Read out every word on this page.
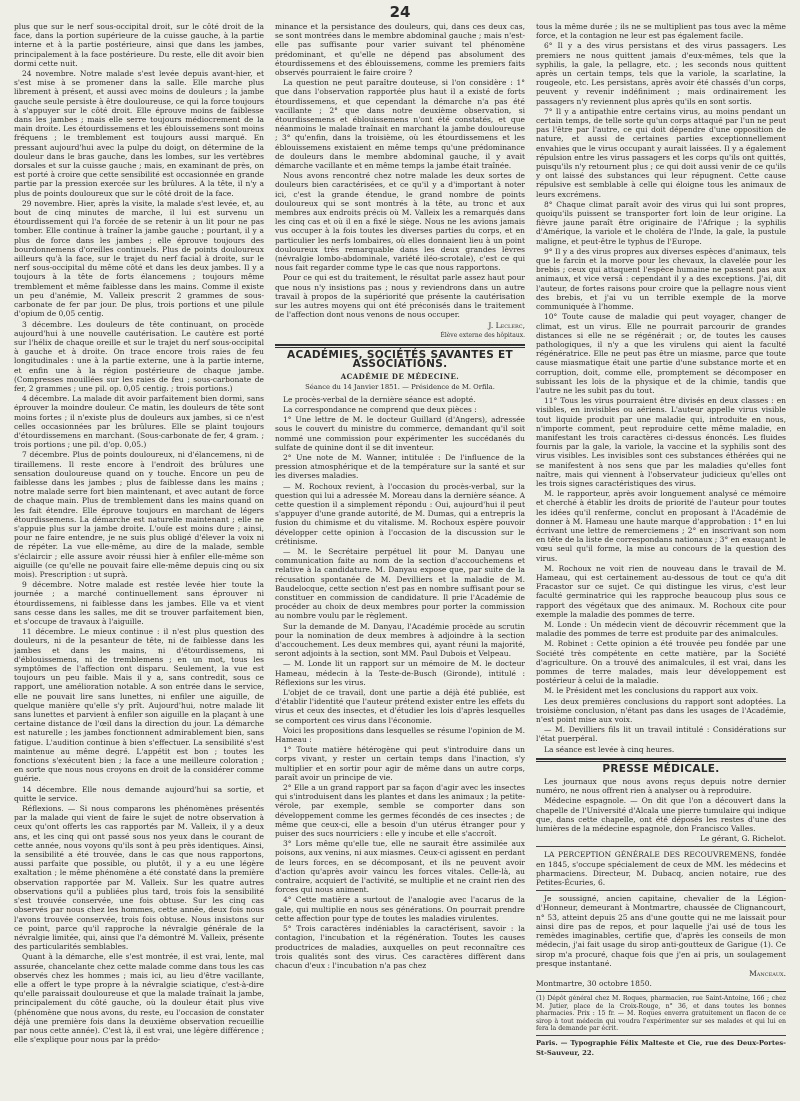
24

plus que sur le nerf sous-occipital droit, sur le côté droit de la face, dans la portion supérieure de la cuisse gauche, à la partie interne et à la partie postérieure, ainsi que dans les jambes, principalement à la face postérieure. Du reste, elle dit avoir bien dormi cette nuit.

24 novembre. Notre malade s'est levée depuis avant-hier, et s'est mise à se promener dans la salle. Elle marche plus librement à présent, et aussi avec moins de douleurs ; la jambe gauche seule persiste à être douloureuse, ce qui la force toujours à s'appuyer sur le côté droit. Elle éprouve moins de faiblesse dans les jambes ; mais elle serre toujours médiocrement de la main droite. Les étourdissemens et les éblouissemens sont moins fréquens ; le tremblement est toujours aussi marqué. En pressant aujourd'hui avec la pulpe du doigt, on détermine de la douleur dans le bras gauche, dans les lombes, sur les vertèbres dorsales et sur la cuisse gauche ; mais, en examinant de près, on est porté à croire que cette sensibilité est occasionnée en grande partie par la pression exercée sur les brûlures. A la tête, il n'y a plus de points douloureux que sur le côté droit de la face.

29 novembre. Hier, après la visite, la malade s'est levée, et, au bout de cinq minutes de marche, il lui est survenu un étourdissement qui l'a forcée de se retenir à un lit pour ne pas tomber. Elle continue à traîner la jambe gauche ; pourtant, il y a plus de force dans les jambes ; elle éprouve toujours des bourdonnemens d'oreilles continuels. Plus de points douloureux ailleurs qu'à la face, sur le trajet du nerf facial à droite, sur le nerf sous-occipital du même côté et dans les deux jambes. Il y a toujours à la tête de forts élancemens ; toujours même tremblement et même faiblesse dans les mains. Comme il existe un peu d'anémie, M. Valleix prescrit 2 grammes de sous-carbonate de fer par jour. De plus, trois portions et une pilule d'opium de 0,05 centig.

3 décembre. Les douleurs de tête continuant, on procède aujourd'hui à une nouvelle cautérisation. Le cautère est porté sur l'hélix de chaque oreille et sur le trajet du nerf sous-occipital à gauche et à droite. On trace encore trois raies de feu longitudinales : une à la partie externe, une à la partie interne, et enfin une à la région postérieure de chaque jambe. (Compresses mouillées sur les raies de feu ; sous-carbonate de fer, 2 grammes ; une pil. op. 0,05 centig. ; trois portions.)

4 décembre. La malade dit avoir parfaitement bien dormi, sans éprouver la moindre douleur. Ce matin, les douleurs de tête sont moins fortes ; il n'existe plus de douleurs aux jambes, si ce n'est celles occasionnées par les brûlures. Elle se plaint toujours d'étourdissemens en marchant. (Sous-carbonate de fer, 4 gram. ; trois portions ; une pil. d'op. 0,05.)

7 décembre. Plus de points douloureux, ni d'élancemens, ni de tiraillemens. Il reste encore à l'endroit des brûlures une sensation douloureuse quand on y touche. Encore un peu de faiblesse dans les jambes ; plus de faiblesse dans les mains ; notre malade serre fort bien maintenant, et avec autant de force de chaque main. Plus de tremblement dans les mains quand on les fait étendre. Elle éprouve toujours en marchant de légers étourdissemens. La démarche est naturelle maintenant ; elle ne s'appuie plus sur la jambe droite. L'ouïe est moins dure ; ainsi, pour ne faire entendre, je ne suis plus obligé d'élever la voix ni de répéter. La vue elle-même, au dire de la malade, semble s'éclaircir ; elle assure avoir réussi hier à enfiler elle-même son aiguille (ce qu'elle ne pouvait faire elle-même depuis cinq ou six mois). Prescription : ut suprà.

9 décembre. Notre malade est restée levée hier toute la journée ; a marché continuellement sans éprouver ni étourdissemens, ni faiblesse dans les jambes. Elle va et vient sans cesse dans les salles, me dit se trouver parfaitement bien, et s'occupe de travaux à l'aiguille.

11 décembre. Le mieux continue : il n'est plus question des douleurs, ni de la pesanteur de tête, ni de faiblesse dans les jambes et dans les mains, ni d'étourdissemens, ni d'éblouissemens, ni de tremblemens ; en un mot, tous les symptômes de l'affection ont disparu. Seulement, la vue est toujours un peu faible. Mais il y a, sans contredit, sous ce rapport, une amélioration notable. A son entrée dans le service, elle ne pouvait lire sans lunettes, ni enfiler une aiguille, de quelque manière qu'elle s'y prît. Aujourd'hui, notre malade lit sans lunettes et parvient à enfiler son aiguille en la plaçant à une certaine distance de l'œil dans la direction du jour. La démarche est naturelle ; les jambes fonctionnent admirablement bien, sans fatigue. L'audition continue à bien s'effectuer. La sensibilité s'est maintenue au même degré. L'appétit est bon ; toutes les fonctions s'exécutent bien ; la face a une meilleure coloration ; en sorte que nous nous croyons en droit de la considérer comme guérie.

14 décembre. Elle nous demande aujourd'hui sa sortie, et quitte le service.

Réflexions. — Si nous comparons les phénomènes présentés par la malade qui vient de faire le sujet de notre observation à ceux qu'ont offerts les cas rapportés par M. Valleix, il y a deux ans, et les cinq qui ont passé sous nos yeux dans le courant de cette année, nous voyons qu'ils sont à peu près identiques. Ainsi, la sensibilité a été trouvée, dans le cas que nous rapportons, aussi parfaite que possible, ou plutôt, il y a eu une légère exaltation ; le même phénomène a été constaté dans la première observation rapportée par M. Valleix. Sur les quatre autres observations qu'il a publiées plus tard, trois fois la sensibilité s'est trouvée conservée, une fois obtuse. Sur les cinq cas observés par nous chez les hommes, cette année, deux fois nous l'avons trouvée conservée, trois fois obtuse. Nous insistons sur ce point, parce qu'il rapproche la névralgie générale de la névralgie limitée, qui, ainsi que l'a démontré M. Valleix, présente des particularités semblables.

Quant à la démarche, elle s'est montrée, il est vrai, lente, mal assurée, chancelante chez cette malade comme dans tous les cas observés chez les hommes ; mais ici, au lieu d'être vacillante, elle a offert le type propre à la névralgie sciatique, c'est-à-dire qu'elle paraissait douloureuse et que la malade traînait la jambe, principalement du côté gauche, où la douleur était plus vive (phénomène que nous avons, du reste, eu l'occasion de constater déjà une première fois dans la deuxième observation recueillie par nous cette année). C'est là, il est vrai, une légère différence ; elle s'explique pour nous par la prédo-

minance et la persistance des douleurs, qui, dans ces deux cas, se sont montrées dans le membre abdominal gauche ; mais n'est-elle pas suffisante pour varier suivant tel phénomène prédominant, et qu'elle ne dépend pas absolument des étourdissemens et des éblouissemens, comme les premiers faits observés pourraient le faire croire ?

La question ne peut paraître douteuse, si l'on considère : 1° que dans l'observation rapportée plus haut il a existé de forts étourdissemens, et que cependant la démarche n'a pas été vacillante ; 2° que dans notre deuxième observation, si étourdissemens et éblouissemens n'ont été constatés, et que néanmoins le malade traînait en marchant la jambe douloureuse ; 3° qu'enfin, dans la troisième, où les étourdissemens et les éblouissemens existaient en même temps qu'une prédominance de douleurs dans le membre abdominal gauche, il y avait démarche vacillante et en même temps la jambe était traînée.

Nous avons rencontré chez notre malade les deux sortes de douleurs bien caractérisées, et ce qu'il y a d'important à noter ici, c'est la grande étendue, le grand nombre de points douloureux qui se sont montrés à la tête, au tronc et aux membres aux endroits précis où M. Valleix les a remarqués dans les cinq cas et où il en a fixé le siège. Nous ne les avions jamais vus occuper à la fois toutes les diverses parties du corps, et en particulier les nerfs lombaires, où elles donnaient lieu à un point douloureux très remarquable dans les deux grandes lèvres (névralgie lombo-abdominale, variété iléo-scrotale), c'est ce qui nous fait regarder comme type le cas que nous rapportons.

Pour ce qui est du traitement, le résultat parle assez haut pour que nous n'y insistions pas ; nous y reviendrons dans un autre travail à propos de la supériorité que présente la cautérisation sur les autres moyens qui ont été préconisés dans le traitement de l'affection dont nous venons de nous occuper.

J. Leclerc,
Élève externe des hôpitaux.
ACADÉMIES, SOCIÉTÉS SAVANTES ET ASSOCIATIONS.
ACADÉMIE DE MÉDECINE.
Séance du 14 Janvier 1851. — Présidence de M. Orfila.

Le procès-verbal de la dernière séance est adopté.

La correspondance ne comprend que deux pièces :

1° Une lettre de M. le docteur Guillard (d'Angers), adressée sous le couvert du ministre du commerce, demandant qu'il soit nommé une commission pour expérimenter les succédanés du sulfate de quinine dont il se dit inventeur.

2° Une note de M. Wanner, intitulée : De l'influence de la pression atmosphérique et de la température sur la santé et sur les diverses maladies.

— M. Rochoux revient, à l'occasion du procès-verbal, sur la question qui lui a adressée M. Moreau dans la dernière séance. A cette question il a simplement répondu : Oui, aujourd'hui il peut s'appuyer d'une grande autorité, de M. Dumas, qui a entrepris la fusion du chimisme et du vitalisme. M. Rochoux espère pouvoir développer cette opinion à l'occasion de la discussion sur le crétinisme.

— M. le Secrétaire perpétuel lit pour M. Danyau une communication faite au nom de la section d'accouchemens et relative à la candidature. M. Danyau expose que, par suite de la récusation spontanée de M. Devilliers et la maladie de M. Baudelocque, cette section n'est pas en nombre suffisant pour se constituer en commission de candidature. Il prie l'Académie de procéder au choix de deux membres pour porter la commission au nombre voulu par le règlement.

Sur la demande de M. Danyau, l'Académie procède au scrutin pour la nomination de deux membres à adjoindre à la section d'accouchement. Les deux membres qui, ayant réuni la majorité, seront adjoints à la section, sont MM. Paul Dubois et Velpeau.

— M. Londe lit un rapport sur un mémoire de M. le docteur Hameau, médecin à la Teste-de-Busch (Gironde), intitulé : Réflexions sur les virus.

L'objet de ce travail, dont une partie a déjà été publiée, est d'établir l'identité que l'auteur prétend exister entre les effets du virus et ceux des insectes, et d'étudier les lois d'après lesquelles se comportent ces virus dans l'économie.

Voici les propositions dans lesquelles se résume l'opinion de M. Hameau :

1° Toute matière hétérogène qui peut s'introduire dans un corps vivant, y rester un certain temps dans l'inaction, s'y multiplier et en sortir pour agir de même dans un autre corps, paraît avoir un principe de vie.

2° Elle a un grand rapport par sa façon d'agir avec les insectes qui s'introduisent dans les plantes et dans les animaux ; la petite-vérole, par exemple, semble se comporter dans son développement comme les germes fécondés de ces insectes ; de même que ceux-ci, elle a besoin d'un utérus étranger pour y puiser des sucs nourriciers : elle y incube et elle s'accroît.

3° Lors même qu'elle tue, elle ne saurait être assimilée aux poisons, aux venins, ni aux miasmes. Ceux-ci agissent en perdant de leurs forces, en se décomposant, et ils ne peuvent avoir d'action qu'après avoir vaincu les forces vitales. Celle-là, au contraire, acquiert de l'activité, se multiplie et ne craint rien des forces qui nous animent.

4° Cette matière a surtout de l'analogie avec l'acarus de la gale, qui multiplie en nous ses générations. On pourrait prendre cette affection pour type de toutes les maladies virulentes.

5° Trois caractères indéniables la caractérisent, savoir : la contagion, l'incubation et la régénération. Toutes les causes productrices de maladies, auxquelles on peut reconnaître ces trois qualités sont des virus. Ces caractères diffèrent dans chacun d'eux : l'incubation n'a pas chez

tous la même durée ; ils ne se multiplient pas tous avec la même force, et la contagion ne leur est pas également facile.

6° Il y a des virus persistans et des virus passagers. Les premiers ne nous quittent jamais d'eux-mêmes, tels que la syphilis, la gale, la pellagre, etc. ; les seconds nous quittent après un certain temps, tels que la variole, la scarlatine, la rougeole, etc. Les persistans, après avoir été chassés d'un corps, peuvent y revenir indéfiniment ; mais ordinairement les passagers n'y reviennent plus après qu'ils en sont sortis.

7° Il y a antipathie entre certains virus, au moins pendant un certain temps, de telle sorte qu'un corps attaqué par l'un ne peut pas l'être par l'autre, ce qui doit dépendre d'une opposition de nature, et aussi de certaines parties exceptionnellement envahies que le virus occupant y aurait laissées. Il y a également répulsion entre les virus passagers et les corps qu'ils ont quittés, puisqu'ils n'y retournent plus ; ce qui doit aussi venir de ce qu'ils y ont laissé des substances qui leur répugnent. Cette cause répulsive est semblable à celle qui éloigne tous les animaux de leurs excrémens.

8° Chaque climat paraît avoir des virus qui lui sont propres, quoiqu'ils puissent se transporter fort loin de leur origine. La fièvre jaune paraît être originaire de l'Afrique ; la syphilis d'Amérique, la variole et le choléra de l'Inde, la gale, la pustule maligne, et peut-être le typhus de l'Europe.

9° Il y a des virus propres aux diverses espèces d'animaux, tels que le farcin et la morve pour les chevaux, la clavelée pour les brebis ; ceux qui attaquent l'espèce humaine ne passent pas aux animaux, et vice versâ : cependant il y a des exceptions. J'ai, dit l'auteur, de fortes raisons pour croire que la pellagre nous vient des brebis, et j'ai vu un terrible exemple de la morve communiquée à l'homme.

10° Toute cause de maladie qui peut voyager, changer de climat, est un virus. Elle ne pourrait parcourir de grandes distances si elle ne se régénérait ; or, de toutes les causes pathologiques, il n'y a que les virulens qui aient la faculté régénératrice. Elle ne peut pas être un miasme, parce que toute cause miasmatique était une partie d'une substance morte et en corruption, doit, comme elle, promptement se décomposer en subissant les lois de la physique et de la chimie, tandis que l'autre ne les subit pas du tout.

11° Tous les virus pourraient être divisés en deux classes : en visibles, en invisibles ou aériens. L'auteur appelle virus visible tout liquide produit par une maladie qui, introduite en nous, n'importe comment, peut reproduire cette même maladie, en manifestant les trois caractères ci-dessus énoncés. Les fluides fournis par la gale, la variole, la vaccine et la syphilis sont des virus visibles. Les invisibles sont ces substances éthérées qui ne se manifestent à nos sens que par les maladies qu'elles font naître, mais qui viennent à l'observateur judicieux qu'elles ont les trois signes caractéristiques des virus.

M. le rapporteur, après avoir longuement analysé ce mémoire et cherché à établir les droits de priorité de l'auteur pour toutes les idées qu'il renferme, conclut en proposant à l'Académie de donner à M. Hameau une haute marque d'approbation : 1° en lui écrivant une lettre de remerciemens ; 2° en inscrivant son nom en tête de la liste de correspondans nationaux ; 3° en exauçant le vœu seul qu'il forme, la mise au concours de la question des virus.

M. Rochoux ne voit rien de nouveau dans le travail de M. Hameau, qui est certainement au-dessous de tout ce qu'a dit Fracastor sur ce sujet. Ce qui distingue les virus, c'est leur faculté germinatrice qui les rapproche beaucoup plus sous ce rapport des végétaux que des animaux. M. Rochoux cite pour exemple la maladie des pommes de terre.

M. Londe : Un médecin vient de découvrir récemment que la maladie des pommes de terre est produite par des animalcules.

M. Robinet : Cette opinion a été trouvée peu fondée par une Société très compétente en cette matière, par la Société d'agriculture. On a trouvé des animalcules, il est vrai, dans les pommes de terre malades, mais leur développement est postérieur à celui de la maladie.

M. le Président met les conclusions du rapport aux voix.

Les deux premières conclusions du rapport sont adoptées. La troisième conclusion, n'étant pas dans les usages de l'Académie, n'est point mise aux voix.

— M. Devilliers fils lit un travail intitulé : Considérations sur l'état puerpéral.

La séance est levée à cinq heures.

PRESSE MÉDICALE.

Les journaux que nous avons reçus depuis notre dernier numéro, ne nous offrent rien à analyser ou à reproduire.

Médecine espagnole. — On dit que l'on a découvert dans la chapelle de l'Université d'Alcala une pierre tumulaire qui indique que, dans cette chapelle, ont été déposés les restes d'une des lumières de la médecine espagnole, don Francisco Valles.

Le gérant, G. Richelot.

LA PERCEPTION GÉNÉRALE DES RECOUVREMENS, fondée en 1845, s'occupe spécialement de ceux de MM. les médecins et pharmaciens. Directeur, M. Dubacq, ancien notaire, rue des Petites-Écuries, 6.

Je soussigné, ancien capitaine, chevalier de la Légion-d'Honneur, demeurant à Montmartre, chaussée de Clignancourt, n° 53, atteint depuis 25 ans d'une goutte qui ne me laissait pour ainsi dire pas de repos, et pour laquelle j'ai usé de tous les remèdes imaginables, certifie que, d'après les conseils de mon médecin, j'ai fait usage du sirop anti-goutteux de Garigue (1). Ce sirop m'a procuré, chaque fois que j'en ai pris, un soulagement presque instantané.

Manceaux.

Montmartre, 30 octobre 1850.

(1) Dépôt général chez M. Roques, pharmacien, rue Saint-Antoine, 166 ; chez M. Jutier, place de la Croix-Rouge, n° 36, et dans toutes les bonnes pharmacies. Prix : 15 fr. — M. Roques enverra gratuitement un flacon de ce sirop à tout médecin qui voudra l'expérimenter sur ses malades et qui lui en fera la demande par écrit.

Paris. — Typographie Félix Malteste et Cie, rue des Deux-Portes-St-Sauveur, 22.
